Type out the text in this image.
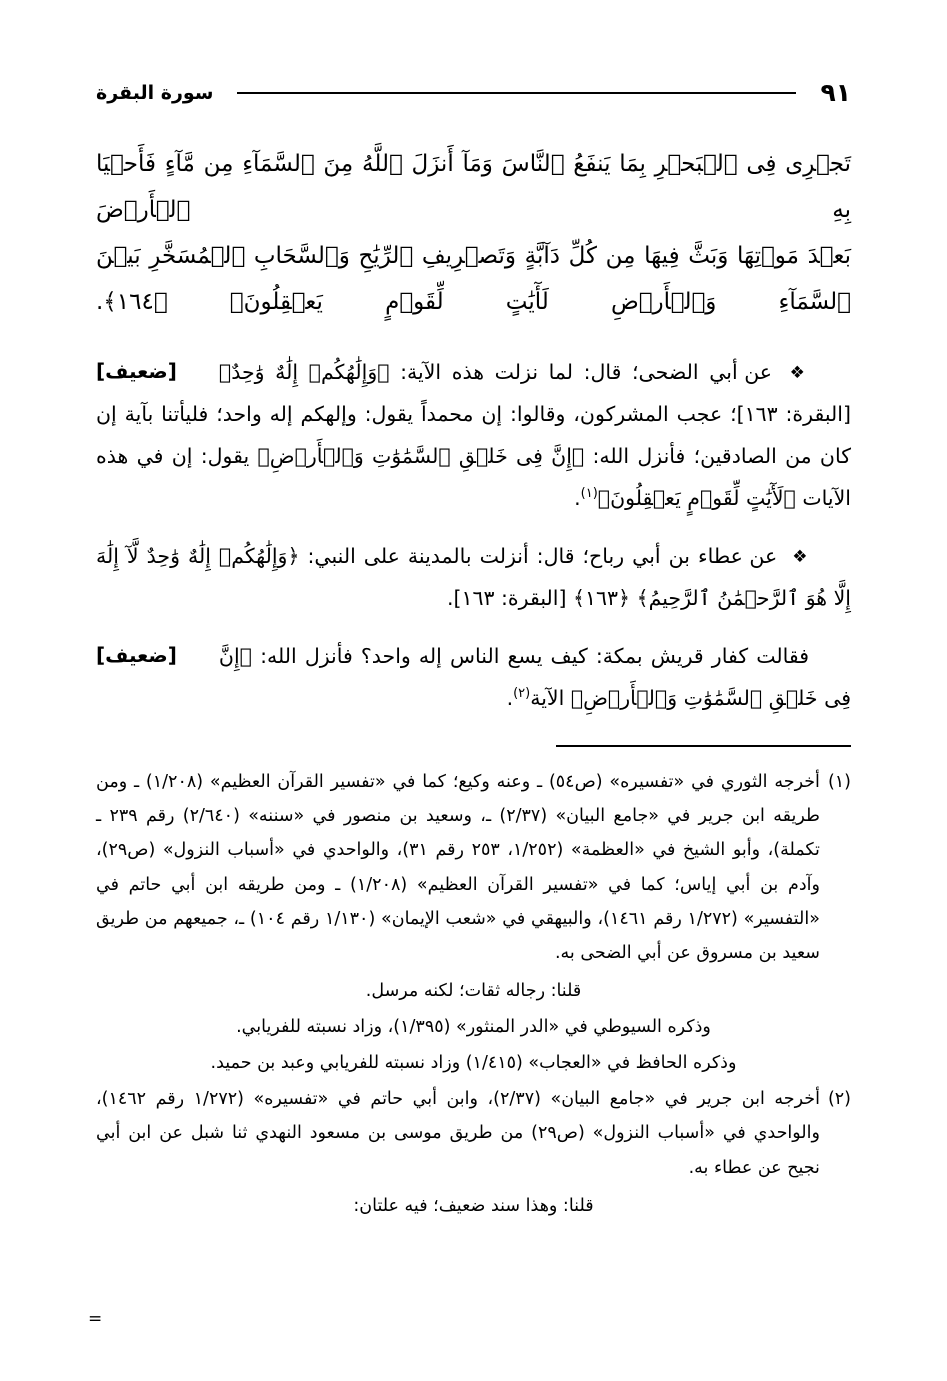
٩١
سورة البقرة
تَجۡرِى فِى ٱلۡبَحۡرِ بِمَا يَنفَعُ ٱلنَّاسَ وَمَآ أَنزَلَ ٱللَّهُ مِنَ ٱلسَّمَآءِ مِن مَّآءٍ فَأَحۡيَا بِهِ ٱلۡأَرۡضَ
بَعۡدَ مَوۡتِهَا وَبَثَّ فِيهَا مِن كُلِّ دَآبَّةٍ وَتَصۡرِيفِ ٱلرِّيَٰحِ وَٱلسَّحَابِ ٱلۡمُسَخَّرِ بَيۡنَ
ٱلسَّمَآءِ وَٱلۡأَرۡضِ لَأٓيَٰتٍ لِّقَوۡمٍ يَعۡقِلُونَ﴾ ﴿١٦٤﴾.

[ضعيف]	❖ عن أبي الضحى؛ قال: لما نزلت هذه الآية: ﴿وَإِلَٰهُكُمۡ إِلَٰهٌ وَٰحِدٌ﴾ [البقرة: ١٦٣]؛ عجب المشركون، وقالوا: إن محمداً يقول: وإلهكم إله واحد؛ فليأتنا بآية إن كان من الصادقين؛ فأنزل الله: ﴿إِنَّ فِى خَلۡقِ ٱلسَّمَٰوَٰتِ وَٱلۡأَرۡضِ﴾ يقول: إن في هذه الآيات ﴿لَأٓيَٰتٍ لِّقَوۡمٍ يَعۡقِلُونَ﴾$^{(١)}$.

❖ عن عطاء بن أبي رباح؛ قال: أنزلت بالمدينة على النبي: ﴿وَإِلَٰهُكُمۡ إِلَٰهٌ وَٰحِدٌ لَّآ إِلَٰهَ إِلَّا هُوَ ٱلرَّحۡمَٰنُ ٱلرَّحِيمُ﴾ ﴿١٦٣﴾ [البقرة: ١٦٣].

[ضعيف]	فقالت كفار قريش بمكة: كيف يسع الناس إله واحد؟ فأنزل الله: ﴿إِنَّ فِى خَلۡقِ ٱلسَّمَٰوَٰتِ وَٱلۡأَرۡضِ﴾ الآية$^{(٢)}$.

(١)
أخرجه الثوري في «تفسيره» (ص٥٤) ـ وعنه وكيع؛ كما في «تفسير القرآن العظيم» (١/٢٠٨) ـ ومن طريقه ابن جرير في «جامع البيان» (٢/٣٧) ـ، وسعيد بن منصور في «سننه» (٢/٦٤٠) رقم ٢٣٩ ـ تكملة)، وأبو الشيخ في «العظمة» (١/٢٥٢، ٢٥٣ رقم ٣١)، والواحدي في «أسباب النزول» (ص٢٩)، وآدم بن أبي إياس؛ كما في «تفسير القرآن العظيم» (١/٢٠٨) ـ ومن طريقه ابن أبي حاتم في «التفسير» (١/٢٧٢ رقم ١٤٦١)، والبيهقي في «شعب الإيمان» (١/١٣٠ رقم ١٠٤) ـ، جميعهم من طريق سعيد بن مسروق عن أبي الضحى به.
قلنا: رجاله ثقات؛ لكنه مرسل.
وذكره السيوطي في «الدر المنثور» (١/٣٩٥)، وزاد نسبته للفريابي.
وذكره الحافظ في «العجاب» (١/٤١٥) وزاد نسبته للفريابي وعبد بن حميد.
(٢)
أخرجه ابن جرير في «جامع البيان» (٢/٣٧)، وابن أبي حاتم في «تفسيره» (١/٢٧٢ رقم ١٤٦٢)، والواحدي في «أسباب النزول» (ص٢٩) من طريق موسى بن مسعود النهدي ثنا شبل عن ابن أبي نجيح عن عطاء به.
قلنا: وهذا سند ضعيف؛ فيه علتان:
=
